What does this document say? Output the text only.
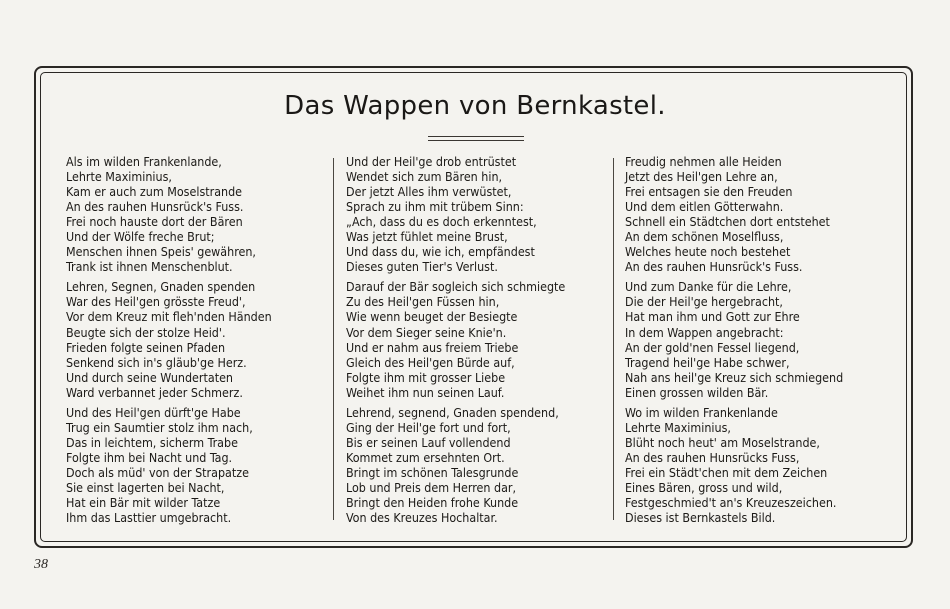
Das Wappen von Bernkastel.
Als im wilden Frankenlande,
Lehrte Maximinius,
Kam er auch zum Moselstrande
An des rauhen Hunsrück's Fuss.
Frei noch hauste dort der Bären
Und der Wölfe freche Brut;
Menschen ihnen Speis' gewähren,
Trank ist ihnen Menschenblut.
Lehren, Segnen, Gnaden spenden
War des Heil'gen grösste Freud',
Vor dem Kreuz mit fleh'nden Händen
Beugte sich der stolze Heid'.
Frieden folgte seinen Pfaden
Senkend sich in's gläub'ge Herz.
Und durch seine Wundertaten
Ward verbannet jeder Schmerz.
Und des Heil'gen dürft'ge Habe
Trug ein Saumtier stolz ihm nach,
Das in leichtem, sicherm Trabe
Folgte ihm bei Nacht und Tag.
Doch als müd' von der Strapatze
Sie einst lagerten bei Nacht,
Hat ein Bär mit wilder Tatze
Ihm das Lasttier umgebracht.
Und der Heil'ge drob entrüstet
Wendet sich zum Bären hin,
Der jetzt Alles ihm verwüstet,
Sprach zu ihm mit trübem Sinn:
„Ach, dass du es doch erkenntest,
Was jetzt fühlet meine Brust,
Und dass du, wie ich, empfändest
Dieses guten Tier's Verlust.
Darauf der Bär sogleich sich schmiegte
Zu des Heil'gen Füssen hin,
Wie wenn beuget der Besiegte
Vor dem Sieger seine Knie'n.
Und er nahm aus freiem Triebe
Gleich des Heil'gen Bürde auf,
Folgte ihm mit grosser Liebe
Weihet ihm nun seinen Lauf.
Lehrend, segnend, Gnaden spendend,
Ging der Heil'ge fort und fort,
Bis er seinen Lauf vollendend
Kommet zum ersehnten Ort.
Bringt im schönen Talesgrunde
Lob und Preis dem Herren dar,
Bringt den Heiden frohe Kunde
Von des Kreuzes Hochaltar.
Freudig nehmen alle Heiden
Jetzt des Heil'gen Lehre an,
Frei entsagen sie den Freuden
Und dem eitlen Götterwahn.
Schnell ein Städtchen dort entstehet
An dem schönen Moselfluss,
Welches heute noch bestehet
An des rauhen Hunsrück's Fuss.
Und zum Danke für die Lehre,
Die der Heil'ge hergebracht,
Hat man ihm und Gott zur Ehre
In dem Wappen angebracht:
An der gold'nen Fessel liegend,
Tragend heil'ge Habe schwer,
Nah ans heil'ge Kreuz sich schmiegend
Einen grossen wilden Bär.
Wo im wilden Frankenlande
Lehrte Maximinius,
Blüht noch heut' am Moselstrande,
An des rauhen Hunsrücks Fuss,
Frei ein Städt'chen mit dem Zeichen
Eines Bären, gross und wild,
Festgeschmied't an's Kreuzeszeichen.
Dieses ist Bernkastels Bild.
38
